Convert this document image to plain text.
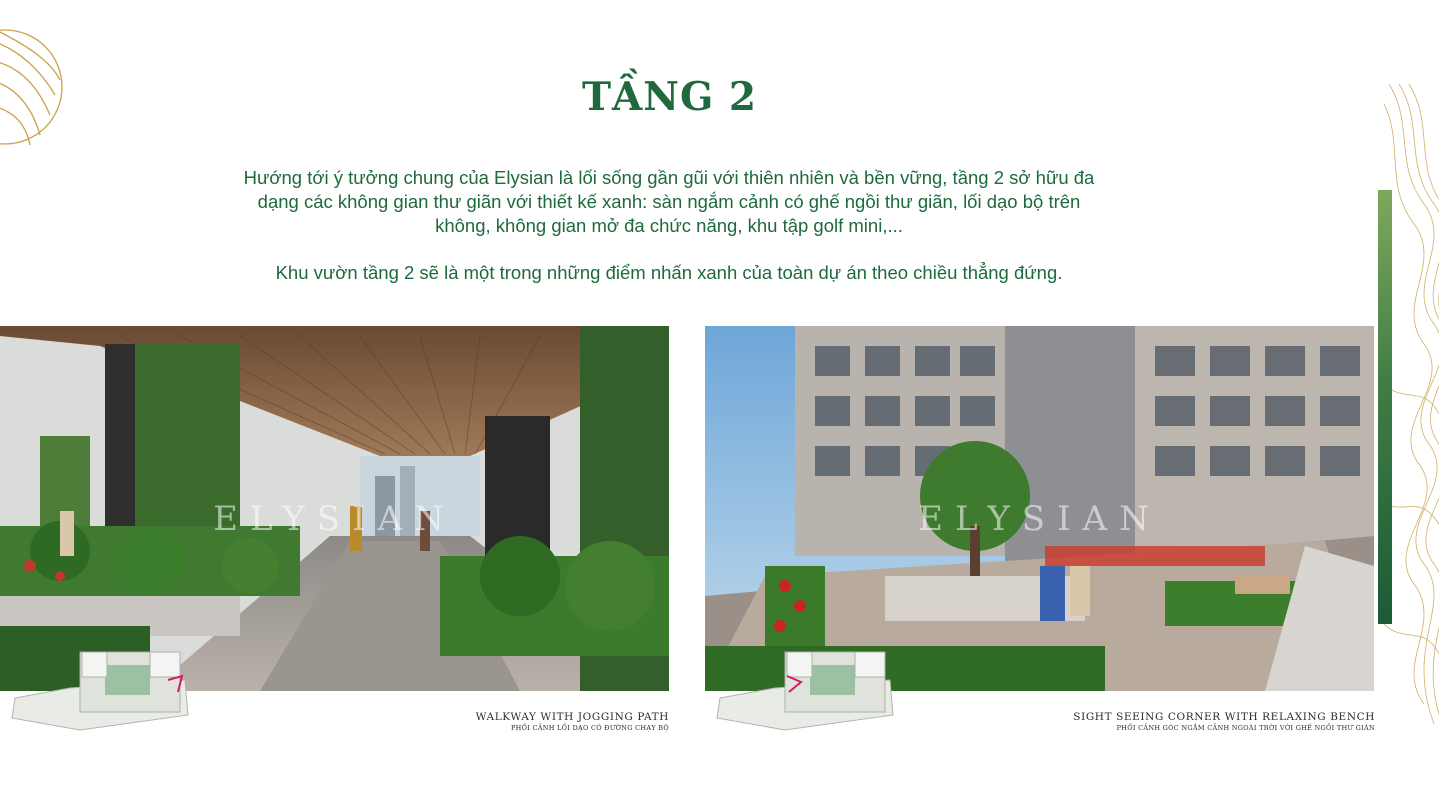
TẦNG 2

Hướng tới ý tưởng chung của Elysian là lối sống gần gũi với thiên nhiên và bền vững, tầng 2 sở hữu đa dạng các không gian thư giãn với thiết kế xanh: sàn ngắm cảnh có ghế ngồi thư giãn, lối dạo bộ trên không, không gian mở đa chức năng, khu tập golf mini,...

Khu vườn tầng 2 sẽ là một trong những điểm nhấn xanh của toàn dự án theo chiều thẳng đứng.

ELYSIAN	ELYSIAN
WALKWAY WITH JOGGING PATH
PHỐI CẢNH LỐI DẠO CÓ ĐƯỜNG CHẠY BỘ
SIGHT SEEING CORNER WITH RELAXING BENCH
PHỐI CẢNH GÓC NGẮM CẢNH NGOÀI TRỜI VỚI GHẾ NGỒI THƯ GIÃN
